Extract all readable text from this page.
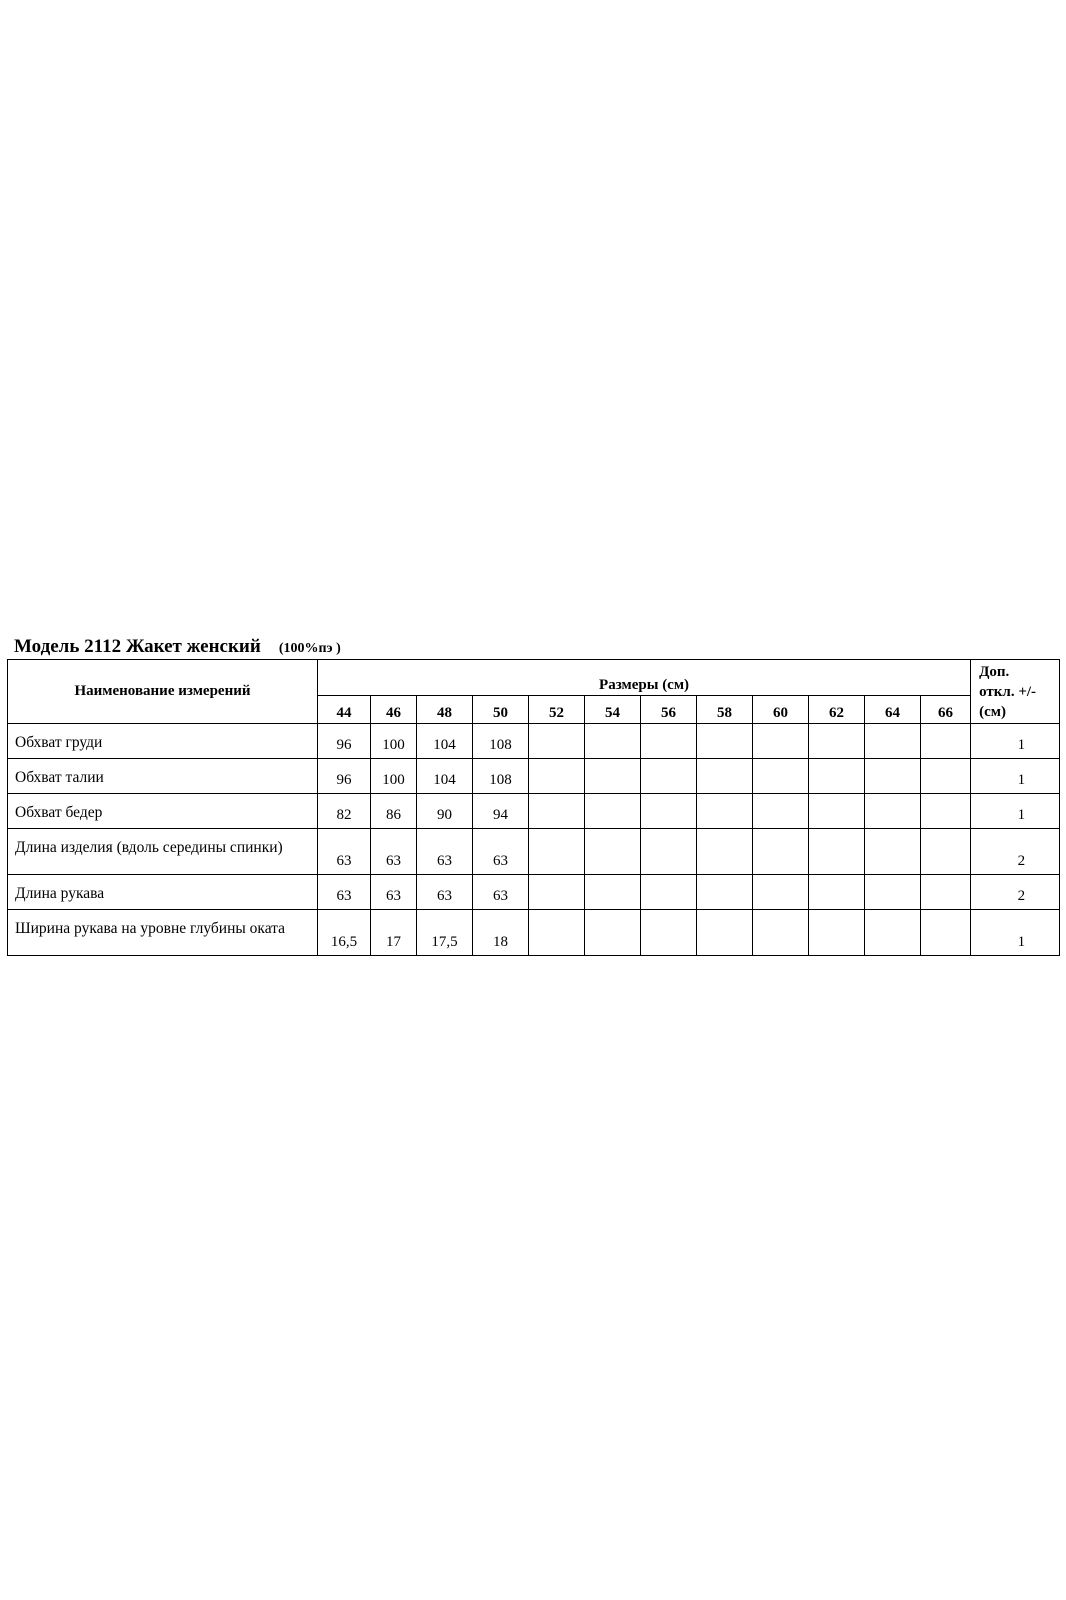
Модель 2112 Жакет женский (100%пэ )
Наименование измерений	Размеры (см)												Доп.
откл. +/-
(см)

	44	46	48	50	52	54	56	58	60	62	64	66	
Обхват груди	96	100	104	108									1
Обхват талии	96	100	104	108									1
Обхват бедер	82	86	90	94									1
Длина изделия (вдоль середины спинки)	63	63	63	63									2
Длина рукава	63	63	63	63									2
Ширина рукава на уровне глубины оката	16,5	17	17,5	18									1
